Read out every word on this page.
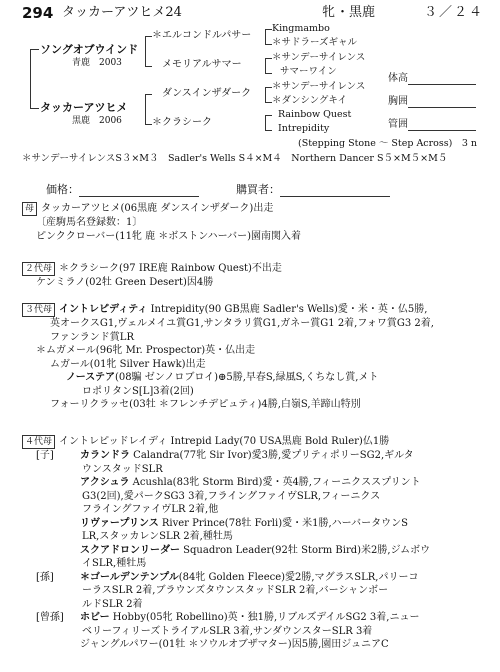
294 タッカーアツヒメ24	牝 ・黒鹿	３／２４
ソングオブウインド
青鹿　2003
タッカーアツヒメ
黒鹿　2006
＊エルコンドルパサー
メモリアルサマー
ダンスインザダーク
＊クラシーク
Kingmambo
＊サドラーズギャル
＊サンデーサイレンス
サマーワイン
＊サンデーサイレンス
＊ダンシングキイ
Rainbow Quest
Intrepidity
(Stepping Stone ～ Step Across)　3 n
体高
胸囲
管囲
＊サンデーサイレンスS３×M３　Sadler's Wells S４×M４　Northern Dancer S５×M５×M５
価格：	購買者：

母 タッカーアツヒメ(06黒鹿 ダンスインザダーク)出走

〔産駒馬名登録数：1〕

ピンククローバー(11牝 鹿 ＊ボストンハーバー)園南関入着

２代母 ＊クラシーク(97 IRE鹿 Rainbow Quest)不出走

ケンミラノ(02牡 Green Desert)因4勝

３代母 イントレピディティ Intrepidity(90 GB黒鹿 Sadler's Wells)愛・米・英・仏5勝,

英オークスG1,ヴェルメイユ賞G1,サンタラリ賞G1,ガネー賞G1 2着,フォワ賞G3 2着,

ファンランド賞LR

＊ムガメール(96牝 Mr. Prospector)英・仏出走

ムガール(01牝 Silver Hawk)出走

ノーステア(08騙 ゼンノロブロイ)⊕5勝,早春S,緑風S,くちなし賞,メト

ロポリタンS[L]3着(2回)

フォーリクラッセ(03牡 ＊フレンチデピュティ)4勝,白嶺S,羊蹄山特別

４代母 イントレピッドレイディ Intrepid Lady(70 USA黒鹿 Bold Ruler)仏1勝

[子]	カランドラ Calandra(77牝 Sir Ivor)愛3勝,愛プリティポリーSG2,ギルタ

ウンスタッドSLR

アクシュラ Acushla(83牝 Storm Bird)愛・英4勝,フィーニクススプリント

G3(2回),愛パークSG3 3着,フライングファイヴSLR,フィーニクス

フライングファイヴLR 2着,他

リヴァープリンス River Prince(78牡 Forli)愛・米1勝,ハーバータウンS

LR,スタッカレンSLR 2着,種牡馬

スクアドロンリーダー Squadron Leader(92牡 Storm Bird)米2勝,ジムボウ

イSLR,種牡馬

[孫]	＊ゴールデンテンプル(84牝 Golden Fleece)愛2勝,マグラスSLR,パリーコ

ーラスSLR 2着,ブラウンズタウンスタッドSLR 2着,バーシャンボー

ルドSLR 2着

[曾孫] ホビー Hobby(05牝 Robellino)英・独1勝,リブルズデイルSG2 3着,ニュー

ベリーフィリーズトライアルSLR 3着,サンダウンスターSLR 3着

ジャングルパワー(01牡 ＊ソウルオブザマター)因5勝,園田ジュニアC
